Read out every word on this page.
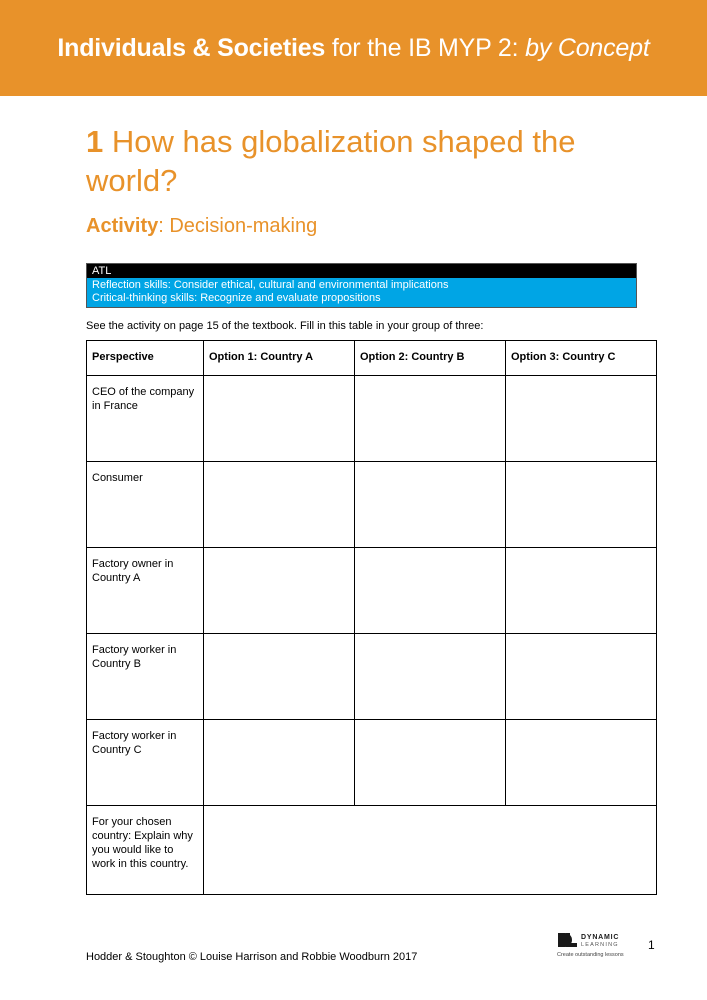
Individuals & Societies for the IB MYP 2: by Concept
1 How has globalization shaped the world?
Activity: Decision-making
ATL
Reflection skills: Consider ethical, cultural and environmental implications
Critical-thinking skills: Recognize and evaluate propositions
See the activity on page 15 of the textbook. Fill in this table in your group of three:
Perspective	Option 1: Country A	Option 2: Country B	Option 3: Country C
CEO of the company in France			
Consumer			
Factory owner in Country A			
Factory worker in Country B			
Factory worker in Country C			
For your chosen country: Explain why you would like to work in this country.			
Hodder & Stoughton © Louise Harrison and Robbie Woodburn 2017
DYNAMIC
LEARNING
Create outstanding lessons
1
